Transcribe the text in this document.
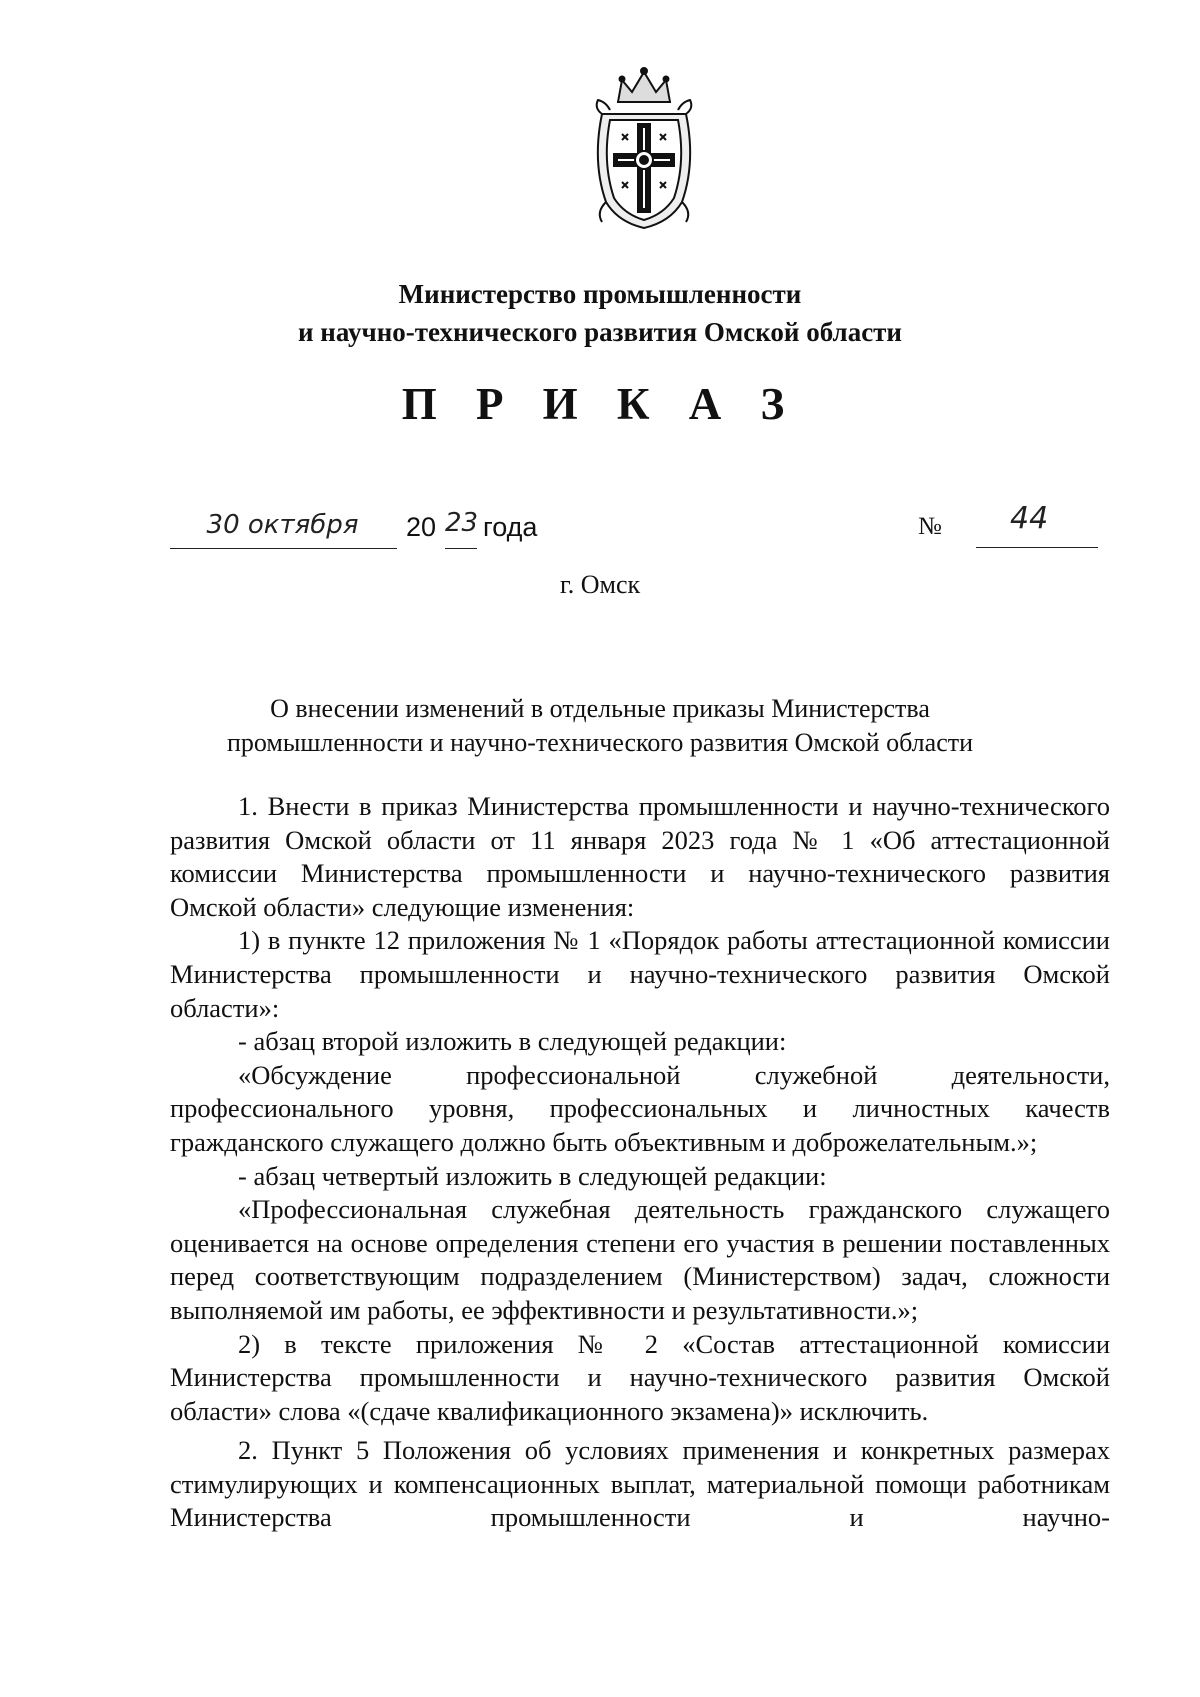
Министерство промышленности
и научно-технического развития Омской области
П Р И К А З
30 октября	20 23 года	№ 44
г. Омск
О внесении изменений в отдельные приказы Министерства
промышленности и научно-технического развития Омской области

1. Внести в приказ Министерства промышленности и научно-технического развития Омской области от 11 января 2023 года № 1 «Об аттестационной комиссии Министерства промышленности и научно-технического развития Омской области» следующие изменения:

1) в пункте 12 приложения № 1 «Порядок работы аттестационной комиссии Министерства промышленности и научно-технического развития Омской области»:

- абзац второй изложить в следующей редакции:

«Обсуждение профессиональной служебной деятельности, профессионального уровня, профессиональных и личностных качеств гражданского служащего должно быть объективным и доброжелательным.»;

- абзац четвертый изложить в следующей редакции:

«Профессиональная служебная деятельность гражданского служащего оценивается на основе определения степени его участия в решении поставленных перед соответствующим подразделением (Министерством) задач, сложности выполняемой им работы, ее эффективности и результативности.»;

2) в тексте приложения № 2 «Состав аттестационной комиссии Министерства промышленности и научно-технического развития Омской области» слова «(сдаче квалификационного экзамена)» исключить.

2. Пункт 5 Положения об условиях применения и конкретных размерах стимулирующих и компенсационных выплат, материальной помощи работникам Министерства промышленности и научно-
